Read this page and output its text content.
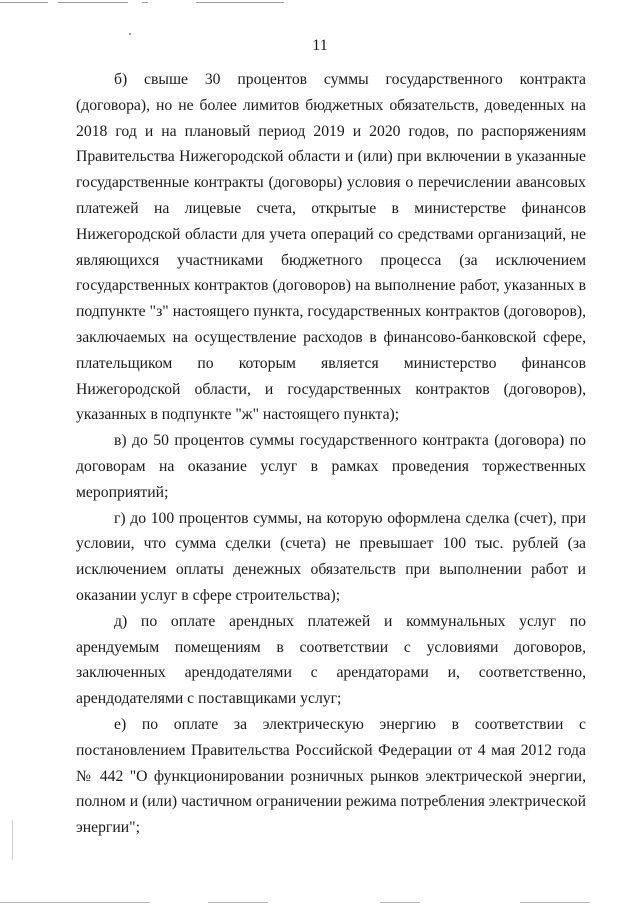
11

б) свыше 30 процентов суммы государственного контракта (договора), но не более лимитов бюджетных обязательств, доведенных на 2018 год и на плановый период 2019 и 2020 годов, по распоряжениям Правительства Нижегородской области и (или) при включении в указанные государственные контракты (договоры) условия о перечислении авансовых платежей на лицевые счета, открытые в министерстве финансов Нижегородской области для учета операций со средствами организаций, не являющихся участниками бюджетного процесса (за исключением государственных контрактов (договоров) на выполнение работ, указанных в подпункте "з" настоящего пункта, государственных контрактов (договоров), заключаемых на осуществление расходов в финансово-банковской сфере, плательщиком по которым является министерство финансов Нижегородской области, и государственных контрактов (договоров), указанных в подпункте "ж" настоящего пункта);

в) до 50 процентов суммы государственного контракта (договора) по договорам на оказание услуг в рамках проведения торжественных мероприятий;

г) до 100 процентов суммы, на которую оформлена сделка (счет), при условии, что сумма сделки (счета) не превышает 100 тыс. рублей (за исключением оплаты денежных обязательств при выполнении работ и оказании услуг в сфере строительства);

д) по оплате арендных платежей и коммунальных услуг по арендуемым помещениям в соответствии с условиями договоров, заключенных арендодателями с арендаторами и, соответственно, арендодателями с поставщиками услуг;

е) по оплате за электрическую энергию в соответствии с постановлением Правительства Российской Федерации от 4 мая 2012 года № 442 "О функционировании розничных рынков электрической энергии, полном и (или) частичном ограничении режима потребления электрической энергии";
